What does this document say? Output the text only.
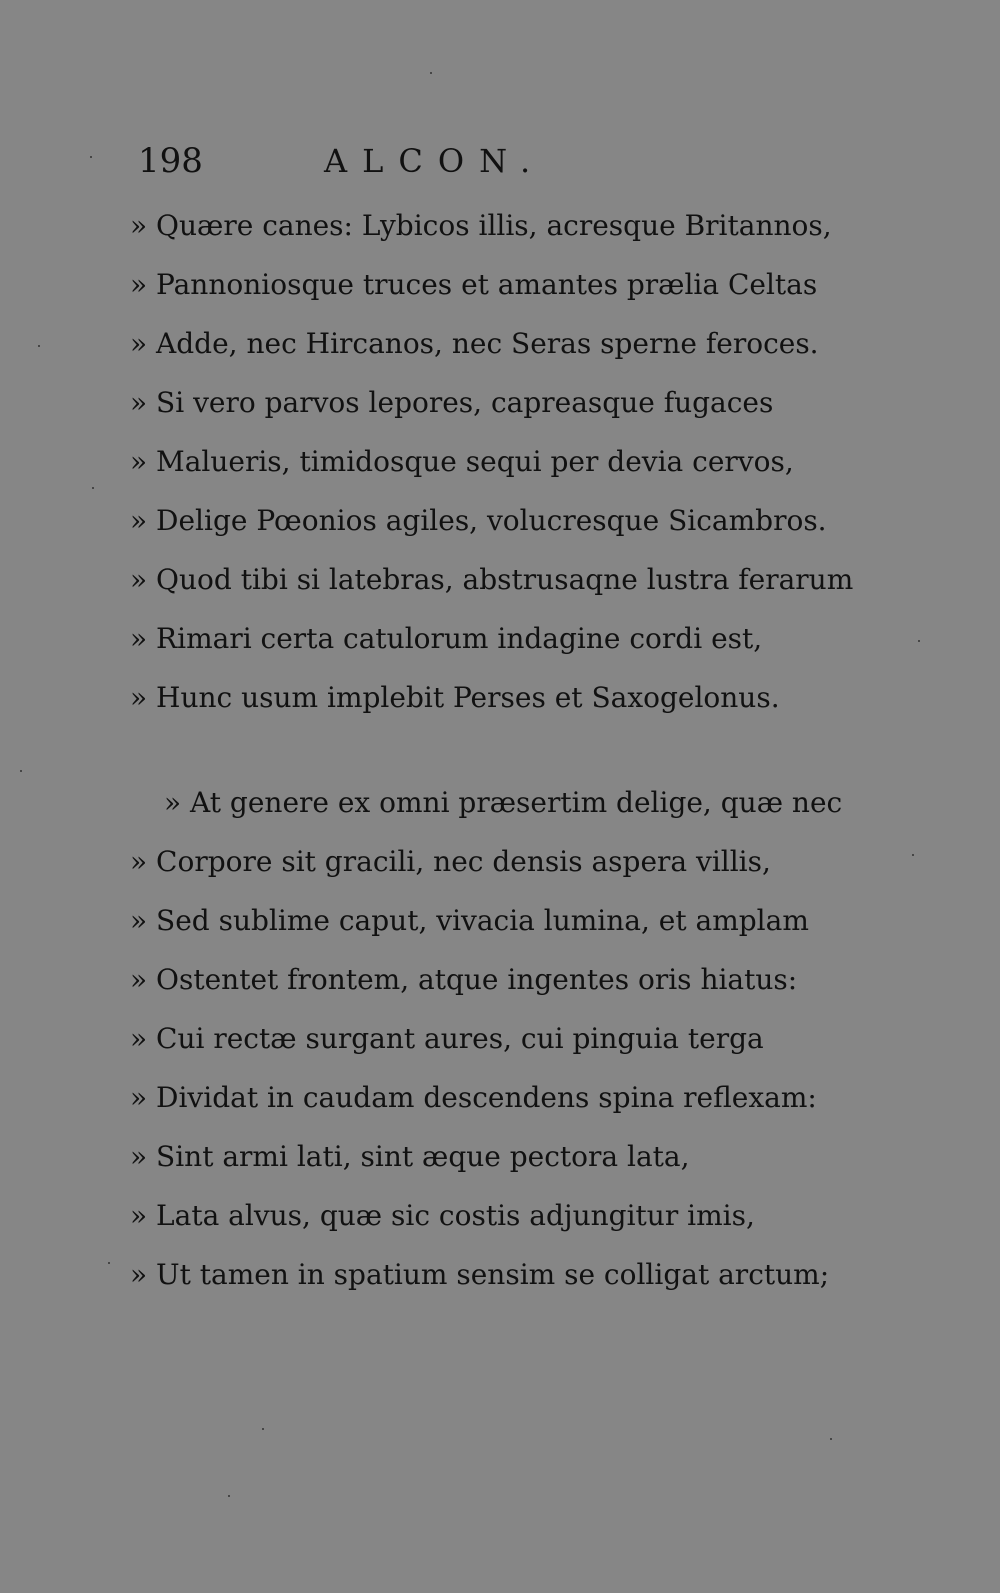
198	ALCON.
» Quære canes: Lybicos illis, acresque Britannos,
» Pannoniosque truces et amantes prælia Celtas
» Adde, nec Hircanos, nec Seras sperne feroces.
» Si vero parvos lepores, capreasque fugaces
» Malueris, timidosque sequi per devia cervos,
» Delige Pœonios agiles, volucresque Sicambros.
» Quod tibi si latebras, abstrusaqne lustra ferarum
» Rimari certa catulorum indagine cordi est,
» Hunc usum implebit Perses et Saxogelonus.
» At genere ex omni præsertim delige, quæ nec
» Corpore sit gracili, nec densis aspera villis,
» Sed sublime caput, vivacia lumina, et amplam
» Ostentet frontem, atque ingentes oris hiatus:
» Cui rectæ surgant aures, cui pinguia terga
» Dividat in caudam descendens spina reflexam:
» Sint armi lati, sint æque pectora lata,
» Lata alvus, quæ sic costis adjungitur imis,
» Ut tamen in spatium sensim se colligat arctum;
